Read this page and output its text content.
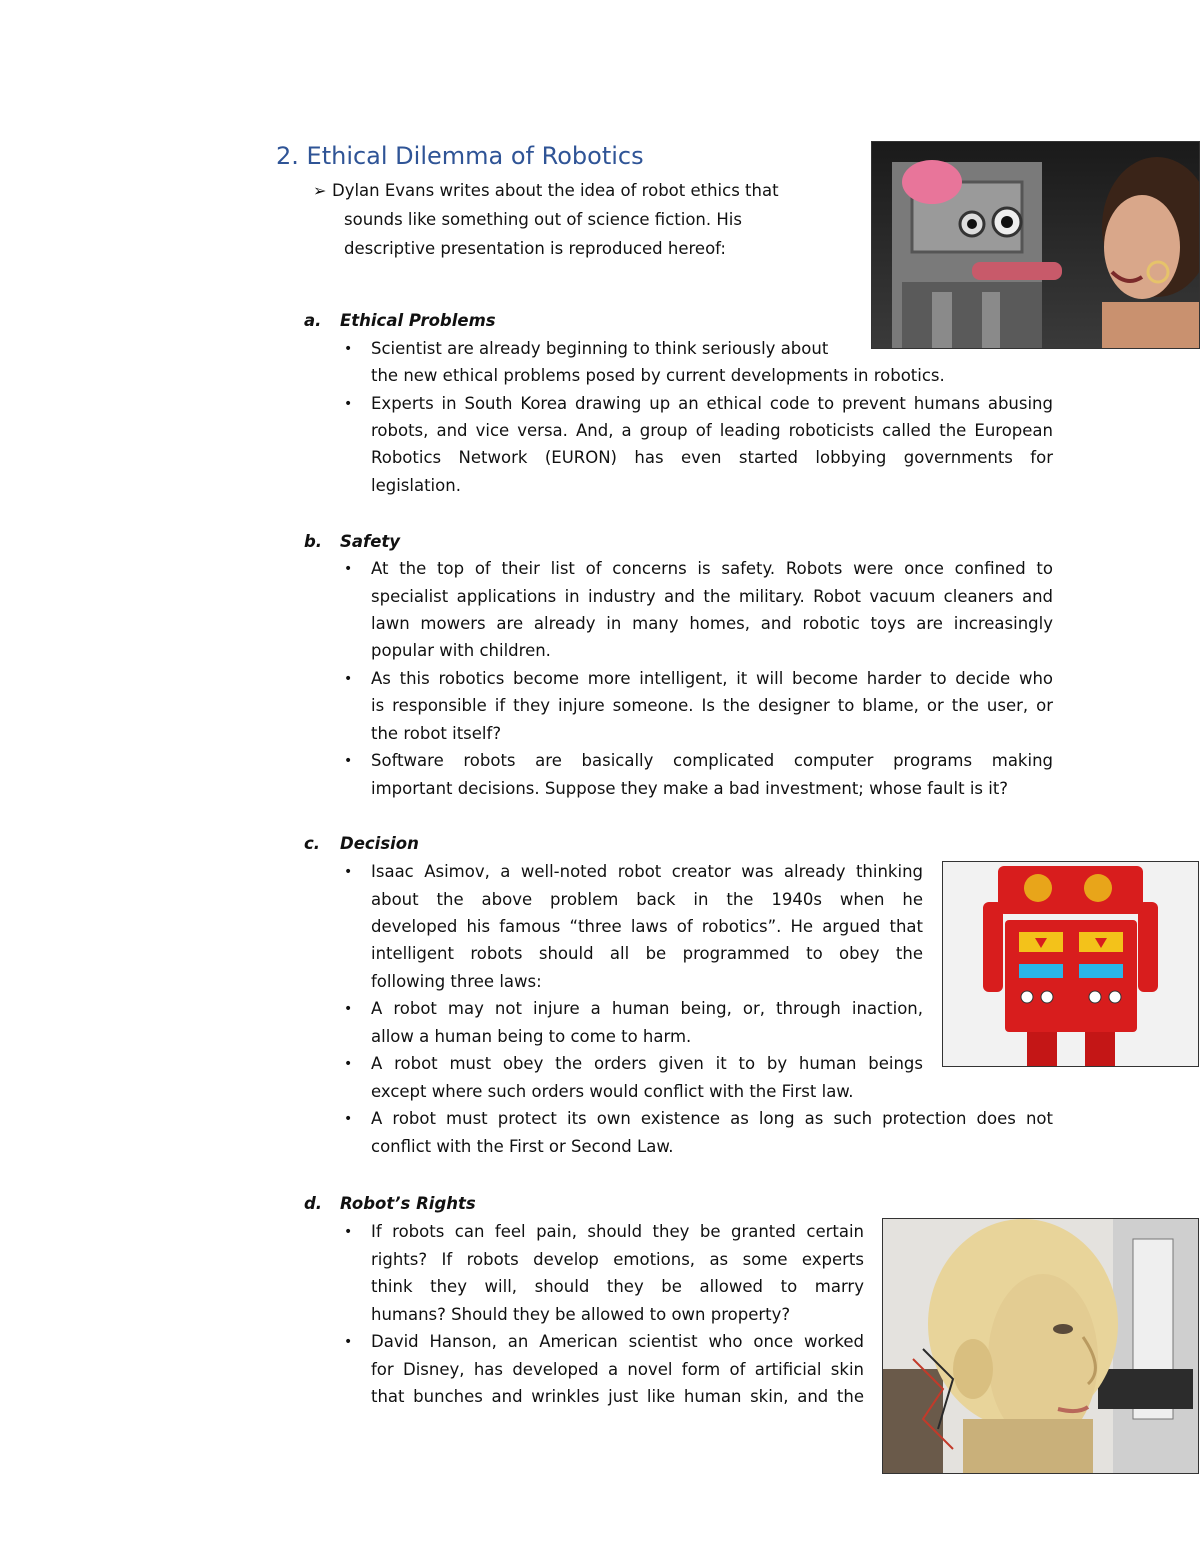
2. Ethical Dilemma of Robotics
➢ Dylan Evans writes about the idea of robot ethics that
sounds like something out of science fiction. His
descriptive presentation is reproduced hereof:
a. Ethical Problems
• Scientist are already beginning to think seriously about
the new ethical problems posed by current developments in robotics.
• Experts in South Korea drawing up an ethical code to prevent humans abusing
robots, and vice versa. And, a group of leading roboticists called the European
Robotics Network (EURON) has even started lobbying governments for
legislation.
b. Safety
• At the top of their list of concerns is safety. Robots were once confined to
specialist applications in industry and the military. Robot vacuum cleaners and
lawn mowers are already in many homes, and robotic toys are increasingly
popular with children.
• As this robotics become more intelligent, it will become harder to decide who
is responsible if they injure someone. Is the designer to blame, or the user, or
the robot itself?
• Software robots are basically complicated computer programs making
important decisions. Suppose they make a bad investment; whose fault is it?
c. Decision
• Isaac Asimov, a well-noted robot creator was already thinking
about the above problem back in the 1940s when he
developed his famous “three laws of robotics”. He argued that
intelligent robots should all be programmed to obey the
following three laws:
• A robot may not injure a human being, or, through inaction,
allow a human being to come to harm.
• A robot must obey the orders given it to by human beings
except where such orders would conflict with the First law.
• A robot must protect its own existence as long as such protection does not
conflict with the First or Second Law.
d. Robot’s Rights
• If robots can feel pain, should they be granted certain
rights? If robots develop emotions, as some experts
think they will, should they be allowed to marry
humans? Should they be allowed to own property?
• David Hanson, an American scientist who once worked
for Disney, has developed a novel form of artificial skin
that bunches and wrinkles just like human skin, and the
